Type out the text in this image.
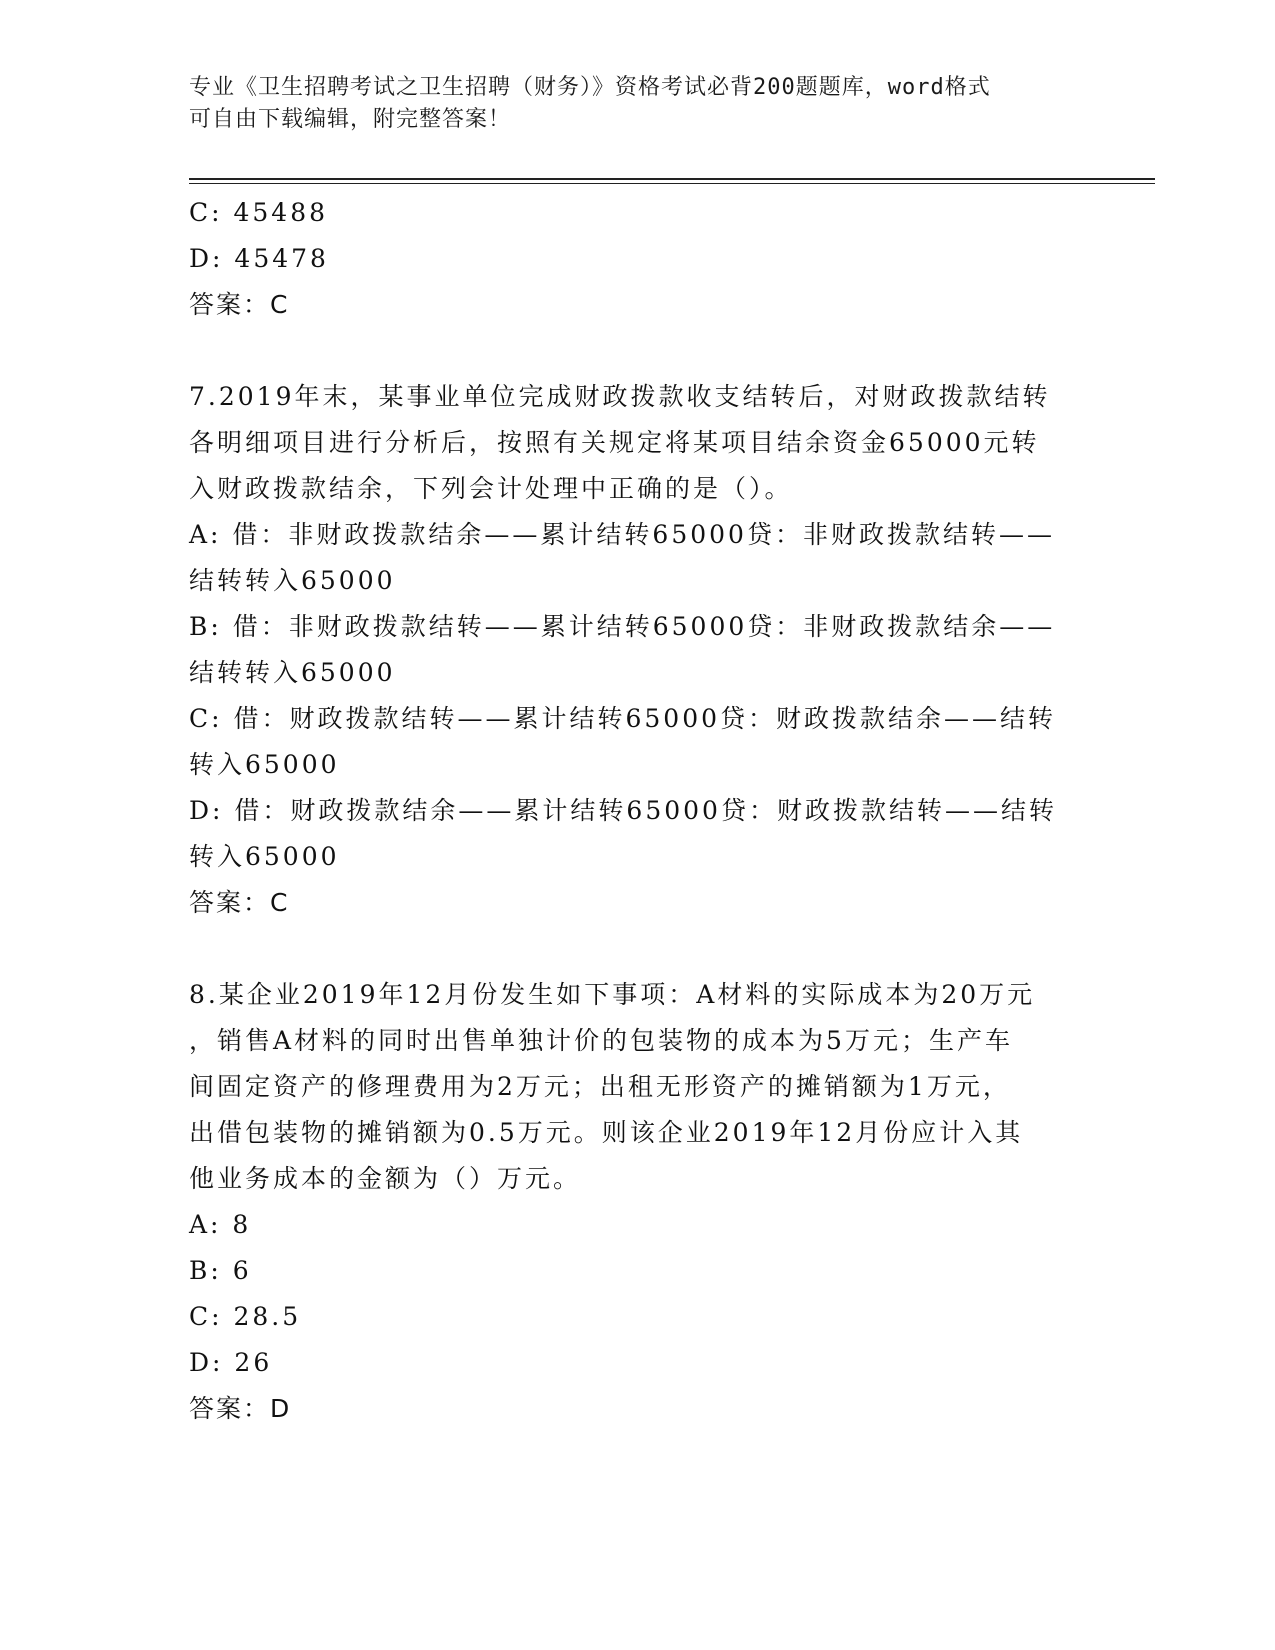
专业《卫生招聘考试之卫生招聘（财务）》资格考试必背200题题库，word格式
可自由下载编辑，附完整答案！
C: 45488
D: 45478
答案：C
7.2019年末，某事业单位完成财政拨款收支结转后，对财政拨款结转
各明细项目进行分析后，按照有关规定将某项目结余资金65000元转
入财政拨款结余，下列会计处理中正确的是（）。
A: 借：非财政拨款结余——累计结转65000贷：非财政拨款结转——
结转转入65000
B: 借：非财政拨款结转——累计结转65000贷：非财政拨款结余——
结转转入65000
C: 借：财政拨款结转——累计结转65000贷：财政拨款结余——结转
转入65000
D: 借：财政拨款结余——累计结转65000贷：财政拨款结转——结转
转入65000
答案：C
8.某企业2019年12月份发生如下事项：A材料的实际成本为20万元
，销售A材料的同时出售单独计价的包装物的成本为5万元；生产车
间固定资产的修理费用为2万元；出租无形资产的摊销额为1万元，
出借包装物的摊销额为0.5万元。则该企业2019年12月份应计入其
他业务成本的金额为（）万元。
A: 8
B: 6
C: 28.5
D: 26
答案：D
